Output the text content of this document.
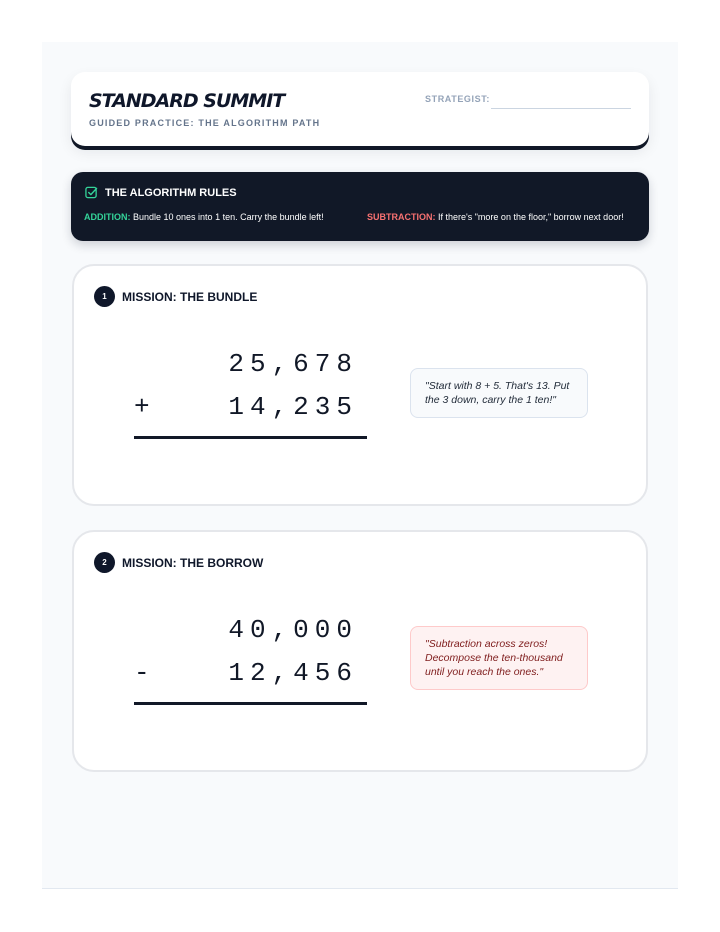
STANDARD SUMMIT
GUIDED PRACTICE: THE ALGORITHM PATH
STRATEGIST:
THE ALGORITHM RULES
ADDITION: Bundle 10 ones into 1 ten. Carry the bundle left!	SUBTRACTION: If there's "more on the floor," borrow next door!
1	MISSION: THE BUNDLE

25,678

+

	14,235

"Start with 8 + 5. That's 13. Put the 3 down, carry the 1 ten!"
2	MISSION: THE BORROW

40,000

-

	12,456

"Subtraction across zeros! Decompose the ten-thousand until you reach the ones."
